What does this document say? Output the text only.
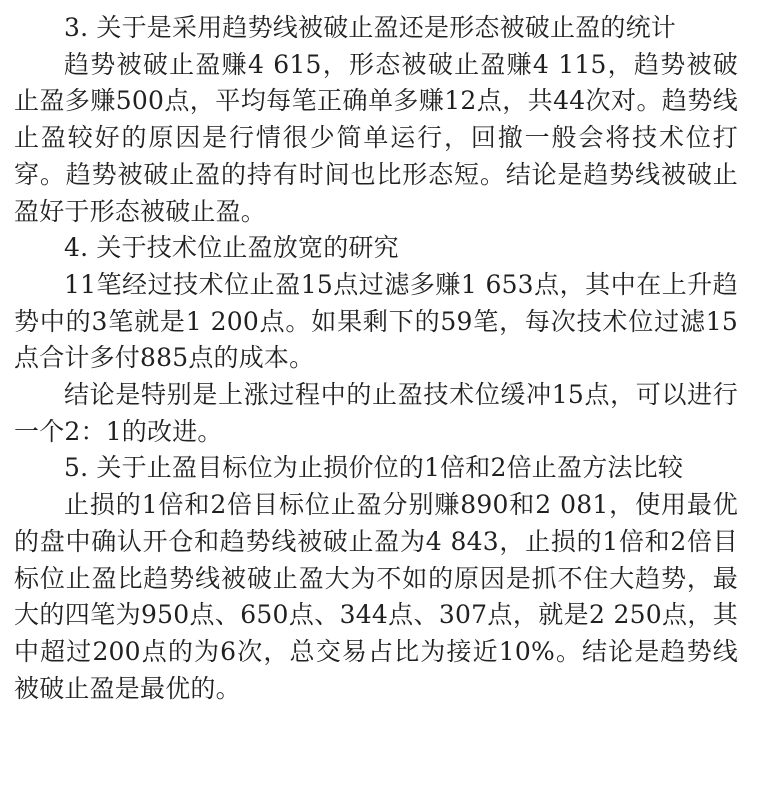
3. 关于是采用趋势线被破止盈还是形态被破止盈的统计

趋势被破止盈赚4 615，形态被破止盈赚4 115，趋势被破止盈多赚500点，平均每笔正确单多赚12点，共44次对。趋势线止盈较好的原因是行情很少简单运行，回撤一般会将技术位打穿。趋势被破止盈的持有时间也比形态短。结论是趋势线被破止盈好于形态被破止盈。

4. 关于技术位止盈放宽的研究

11笔经过技术位止盈15点过滤多赚1 653点，其中在上升趋势中的3笔就是1 200点。如果剩下的59笔，每次技术位过滤15点合计多付885点的成本。

结论是特别是上涨过程中的止盈技术位缓冲15点，可以进行一个2：1的改进。

5. 关于止盈目标位为止损价位的1倍和2倍止盈方法比较

止损的1倍和2倍目标位止盈分别赚890和2 081，使用最优的盘中确认开仓和趋势线被破止盈为4 843，止损的1倍和2倍目标位止盈比趋势线被破止盈大为不如的原因是抓不住大趋势，最大的四笔为950点、650点、344点、307点，就是2 250点，其中超过200点的为6次，总交易占比为接近10%。结论是趋势线被破止盈是最优的。
